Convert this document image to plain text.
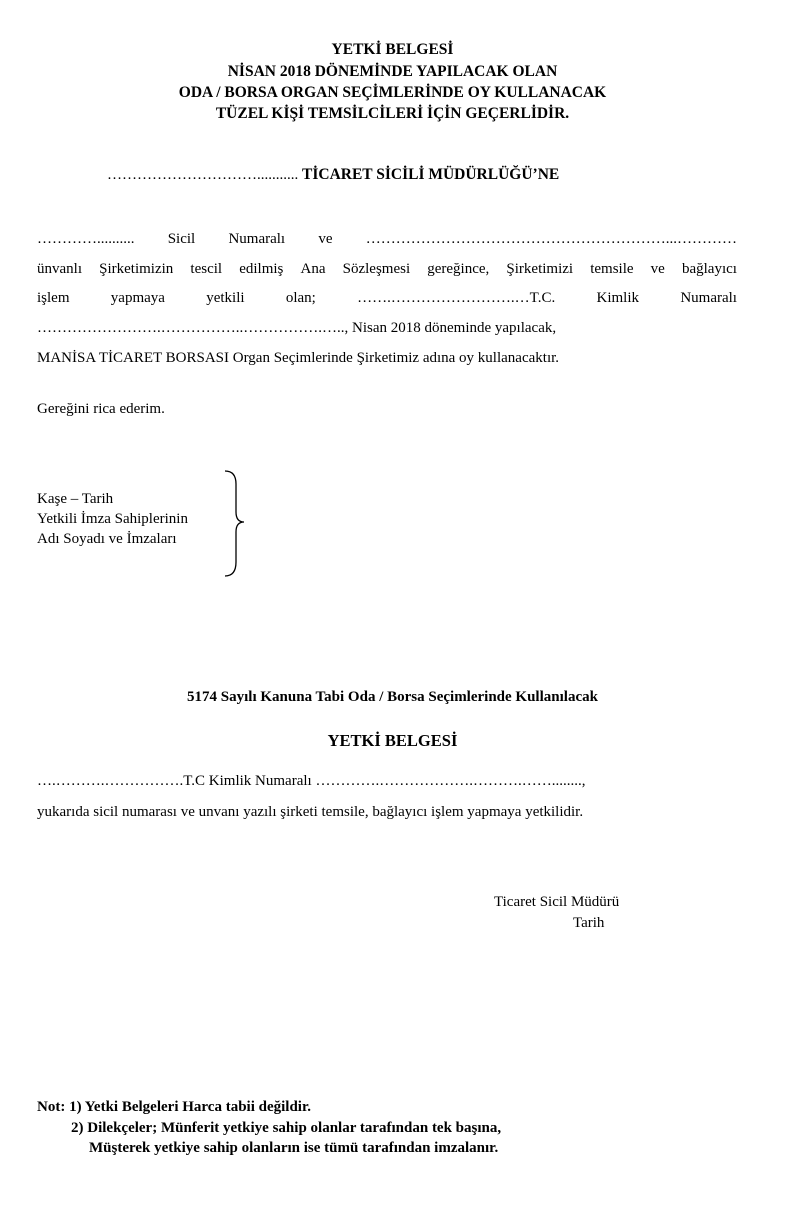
YETKİ BELGESİ
NİSAN 2018 DÖNEMİNDE YAPILACAK OLAN
ODA / BORSA ORGAN SEÇİMLERİNDE OY KULLANACAK
TÜZEL KİŞİ TEMSİLCİLERİ İÇİN GEÇERLİDİR.
…………………………........... TİCARET SİCİLİ MÜDÜRLÜĞÜ’NE
………….......... Sicil Numaralı ve ……………………………………………………...…………
ünvanlı Şirketimizin tescil edilmiş Ana Sözleşmesi gereğince, Şirketimizi temsile ve bağlayıcı
işlem	yapmaya	yetkili	olan;	…….…………………….…T.C.	Kimlik	Numaralı
…………………….……………..…………….….., Nisan 2018 döneminde yapılacak,
MANİSA TİCARET BORSASI Organ Seçimlerinde Şirketimiz adına oy kullanacaktır.
Gereğini rica ederim.
Kaşe – Tarih
Yetkili İmza Sahiplerinin
Adı Soyadı ve İmzaları
5174 Sayılı Kanuna Tabi Oda / Borsa Seçimlerinde Kullanılacak
YETKİ BELGESİ
….……….…………….T.C Kimlik Numaralı ………….……………….……….……........,
yukarıda sicil numarası ve unvanı yazılı şirketi temsile, bağlayıcı işlem yapmaya yetkilidir.
Ticaret Sicil Müdürü
Tarih
Not: 1) Yetki Belgeleri Harca tabii değildir.
2) Dilekçeler; Münferit yetkiye sahip olanlar tarafından tek başına,
Müşterek yetkiye sahip olanların ise tümü tarafından imzalanır.
